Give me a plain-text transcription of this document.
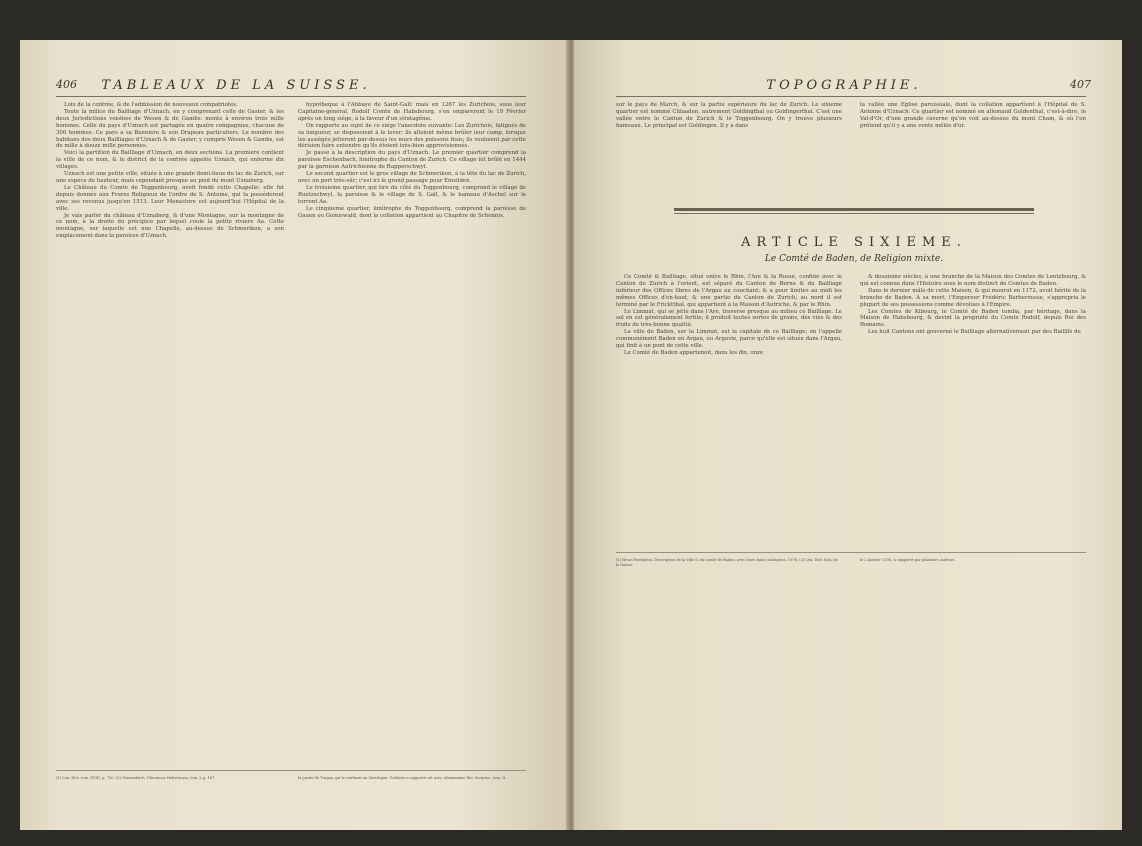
406	TABLEAUX DE LA SUISSE.

Loix de la contrée, & de l'admission de nouveaux compatriotes.

Toute la milice du Bailliage d'Uznach, en y comprenant celle de Gaster, & les deux Jurisdictions voisines de Wesen & de Gambs: monte à environ trois mille hommes. Celle du pays d'Uznach est partagée en quatre compagnies, chacune de 300 hommes. Ce pays a sa Banniere & son Drapeau particuliers. Le nombre des habitans des deux Bailliages d'Uznach & de Gaster, y compris Wesen & Gambs, est de mille à douze mille personnes.

Voici la partition du Bailliage d'Uznach, en deux sections. La premiere contient la ville de ce nom, & le district de la contrée appelée Uznach, qui enferme dix villages.

Uznach est une petite ville, située à une grande demi-lieue du lac de Zurich, sur une espece de hauteur, mais cependant presque au pied du mont Uznaberg.

Le Château du Comte de Toggenbourg, avoit fondé cette Chapelle: elle fut depuis donnée aux Freres Religieux de l'ordre de S. Antoine, qui la posséderent avec ses revenus jusqu'en 1513. Leur Monastere est aujourd'hui l'Hôpital de la ville.

Je vais parler du château d'Uznaberg, & d'une Montagne, sur la montagne de ce nom, à la droite du précipice par lequel coule la petite riviere Aa. Cette montagne, sur laquelle est une Chapelle, au-dessus de Schmerikon, a son emplacement dans la paroisse d'Uznach.

hypotheque à l'Abbaye de Saint-Gall: mais en 1267 les Zurichois, sous leur Capitaine-général, Rodolf Comte de Habsbourg, s'en emparerent le 19 Février après un long siége, à la faveur d'un stratagême.

On rapporte au sujet de ce siége l'anecdote suivante: Les Zurichois, fatigués de sa longueur, se disposoient à le lever: ils alloient même brûler leur camp, lorsque les assiégés jetterent par-dessus les murs des poissons frais; ils vouloient par cette dérision faire entendre qu'ils étoient très-bien approvisionnés.

Je passe à la description du pays d'Uznach. Le premier quartier comprend la paroisse Eschenbach, limitrophe du Canton de Zurich. Ce village fut brûlé en 1444 par la garnison Autrichienne de Rapperschwyl.

Le second quartier est le gros village de Schmerikon, à la tête du lac de Zurich, avec un port très-sûr; c'est ici le grand passage pour Einsilden.

Le troisieme quartier, qui tire du côté du Toggenbourg, comprend le village de Ruetzschwyl, la paroisse & le village de S. Gall, & le hameau d'Aschel sur le torrent Aa.

Le cinquieme quartier, limitrophe du Toggenbourg, comprend la paroisse de Gauen ou Gomiswald, dont la collation appartient au Chapitre de Schennis.

(1) Leu, Dict. tom. XVIII, p. 720. (2) Gonzenbach, Chronicon Helveticum, tom. I, p. 167.	la partie du Turgau qui le confinoit au Zurichgau. Goldaste a rapporté cet acte, Alamanniae Rer. Scriptor., tom. II.
TOPOGRAPHIE.	407
sur le pays de March, & sur la partie supérieure du lac de Zurich. Le sixieme quartier est nommé Chlaaden, autrement Goldingthal ou Goldingerthal. C'est une vallée entre le Canton de Zurich & le Toggenbourg. On y trouve plusieurs hameaux. Le principal est Goldingen. Il y a dans
la vallée une Eglise paroissiale, dont la collation appartient à l'Hôpital de S. Antoine d'Uznach. Ce quartier est nommé en allemand Goldenthal, c'est-à-dire, le Val-d'Or, d'une grande caverne qu'on voit au-dessus du mont Cham, & où l'on prétend qu'il y a une vente mêlée d'or.
ARTICLE SIXIEME.
Le Comté de Baden, de Religion mixte.

Ce Comté & Bailliage, situé entre le Rhin, l'Are & la Russe, confine avec le Canton de Zurich à l'orient, est séparé du Canton de Berne & du Bailliage inférieur des Offices libres de l'Argau au couchant; & a pour limites au midi les mêmes Offices d'en-haut, & une partie du Canton de Zurich; au nord il est terminé par le Fricktthal, qui appartient à la Maison d'Autriche, & par le Rhin.

Le Limmat, qui se jette dans l'Are, traverse presque au milieu ce Bailliage. Le sol en est généralement fertile; il produit toutes sortes de grains, des vins & des fruits de très-bonne qualité.

La ville de Baden, sur la Limmat, est la capitale de ce Bailliage; on l'appelle communément Baden en Argau, ou Argovie, parce qu'elle est située dans l'Argau, qui finit à un pont de cette ville.

Le Comté de Baden appartenoit, dans les dix, onze

& douzieme siècles, à une branche de la Maison des Comtes de Lentzbourg, & qui est connue dans l'Histoire sous le nom distinct de Comtes de Baden.

Dans le dernier mâle de cette Maison, & qui mourut en 1172, avoit hérité de la branche de Baden. A sa mort, l'Empereur Frédéric Barberousse, s'appropria le plupart de ses possessions comme dévolues à l'Empire.

Les Comtes de Kibourg, le Comté de Baden tomba, par héritage, dans la Maison de Habsbourg, & devint la propriété du Comte Rodolf, depuis Roi des Romains.

Les huit Cantons ont gouverné le Bailliage alternativement par des Baillifs de

(1) Henri Pantaléon, Description de la ville & du comté de Baden, avec leurs bains salutaires, 1578. (2) Leu, Dict. hist. de la Suisse.
le 2 Janvier 1336, & rapporté par plusieurs Auteurs.
